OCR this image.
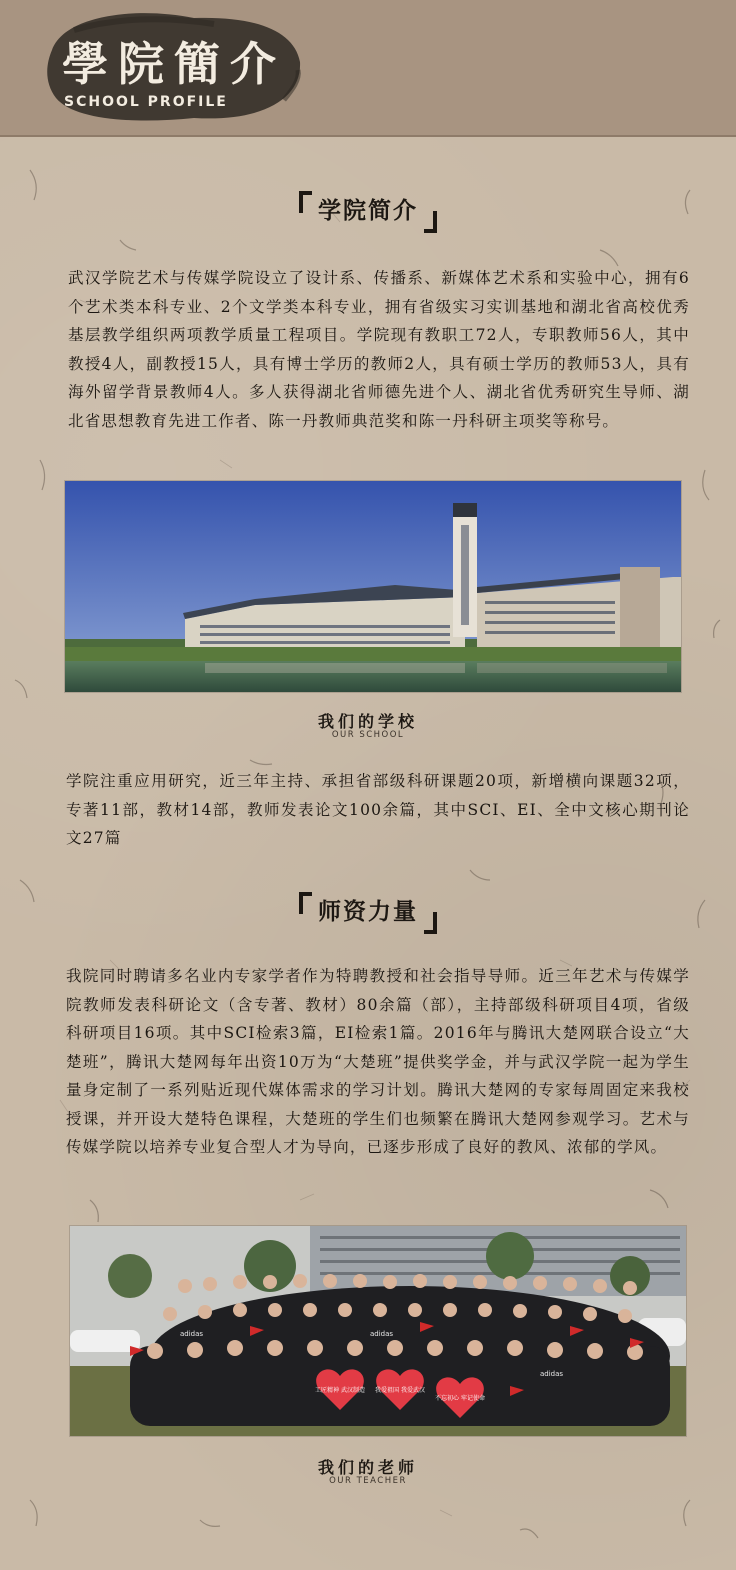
學院簡介
SCHOOL PROFILE
学院简介

武汉学院艺术与传媒学院设立了设计系、传播系、新媒体艺术系和实验中心，拥有6个艺术类本科专业、2个文学类本科专业，拥有省级实习实训基地和湖北省高校优秀基层教学组织两项教学质量工程项目。学院现有教职工72人，专职教师56人，其中教授4人，副教授15人，具有博士学历的教师2人，具有硕士学历的教师53人，具有海外留学背景教师4人。多人获得湖北省师德先进个人、湖北省优秀研究生导师、湖北省思想教育先进工作者、陈一丹教师典范奖和陈一丹科研主项奖等称号。

我们的学校
OUR SCHOOL

学院注重应用研究，近三年主持、承担省部级科研课题20项，新增横向课题32项，专著11部，教材14部，教师发表论文100余篇，其中SCI、EI、全中文核心期刊论文27篇

师资力量

我院同时聘请多名业内专家学者作为特聘教授和社会指导导师。近三年艺术与传媒学院教师发表科研论文（含专著、教材）80余篇（部），主持部级科研项目4项，省级科研项目16项。其中SCI检索3篇，EI检索1篇。2016年与腾讯大楚网联合设立“大楚班”，腾讯大楚网每年出资10万为“大楚班”提供奖学金，并与武汉学院一起为学生量身定制了一系列贴近现代媒体需求的学习计划。腾讯大楚网的专家每周固定来我校授课，并开设大楚特色课程，大楚班的学生们也频繁在腾讯大楚网参观学习。艺术与传媒学院以培养专业复合型人才为导向，已逐步形成了良好的教风、浓郁的学风。

adidas	adidas
adidas
工匠精神 武汉制造 我爱祖国 我爱武汉
不忘初心 牢记使命
我们的老师
OUR TEACHER
